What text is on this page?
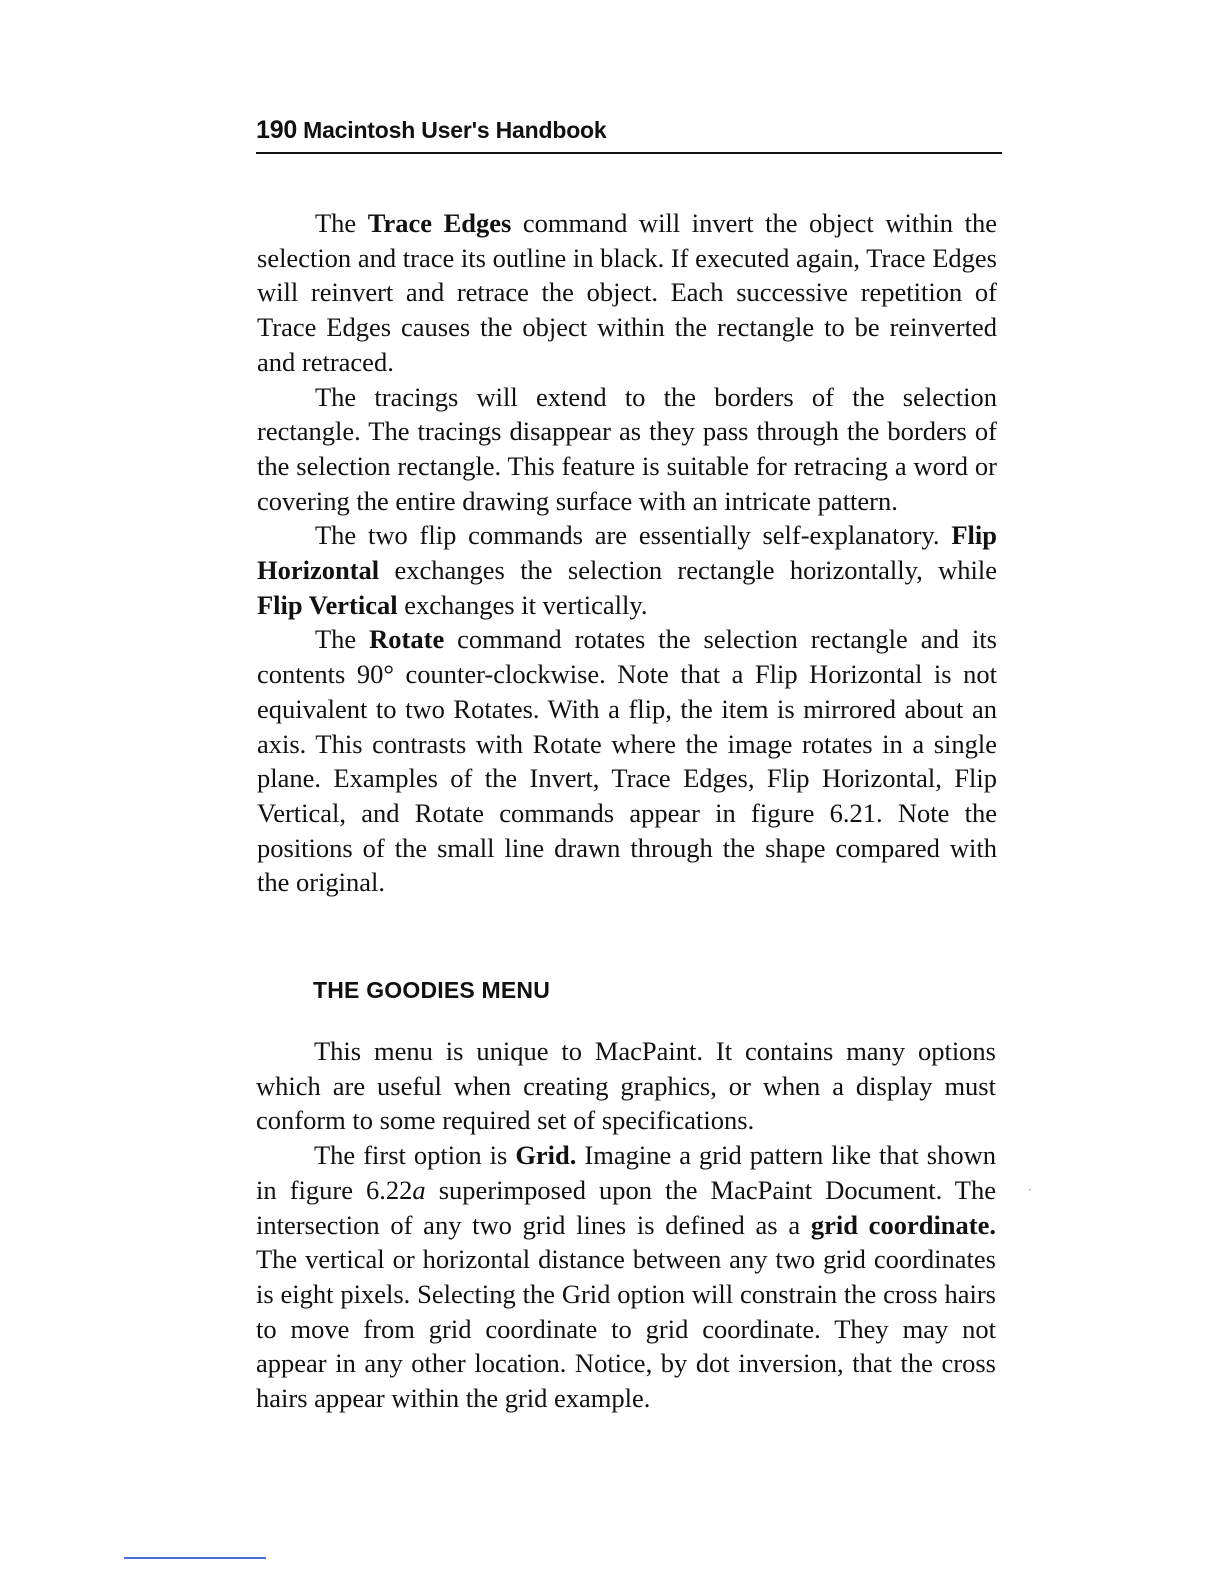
190 Macintosh User's Handbook

The Trace Edges command will invert the object within the selection and trace its outline in black. If executed again, Trace Edges will reinvert and retrace the object. Each successive repetition of Trace Edges causes the object within the rectangle to be reinverted and retraced.

The tracings will extend to the borders of the selection rectangle. The tracings disappear as they pass through the borders of the selection rectangle. This feature is suitable for retracing a word or covering the entire drawing surface with an intricate pattern.

The two flip commands are essentially self-explanatory. Flip Horizontal exchanges the selection rectangle horizontally, while Flip Vertical exchanges it vertically.

The Rotate command rotates the selection rectangle and its contents 90° counter-clockwise. Note that a Flip Horizontal is not equivalent to two Rotates. With a flip, the item is mirrored about an axis. This contrasts with Rotate where the image rotates in a single plane. Examples of the Invert, Trace Edges, Flip Horizontal, Flip Vertical, and Rotate commands appear in figure 6.21. Note the positions of the small line drawn through the shape compared with the original.

THE GOODIES MENU

This menu is unique to MacPaint. It contains many options which are useful when creating graphics, or when a display must conform to some required set of specifications.

The first option is Grid. Imagine a grid pattern like that shown in figure 6.22a superimposed upon the MacPaint Document. The intersection of any two grid lines is defined as a grid coordinate. The vertical or horizontal distance between any two grid coordinates is eight pixels. Selecting the Grid option will constrain the cross hairs to move from grid coordinate to grid coordinate. They may not appear in any other location. Notice, by dot inversion, that the cross hairs appear within the grid example.

·
